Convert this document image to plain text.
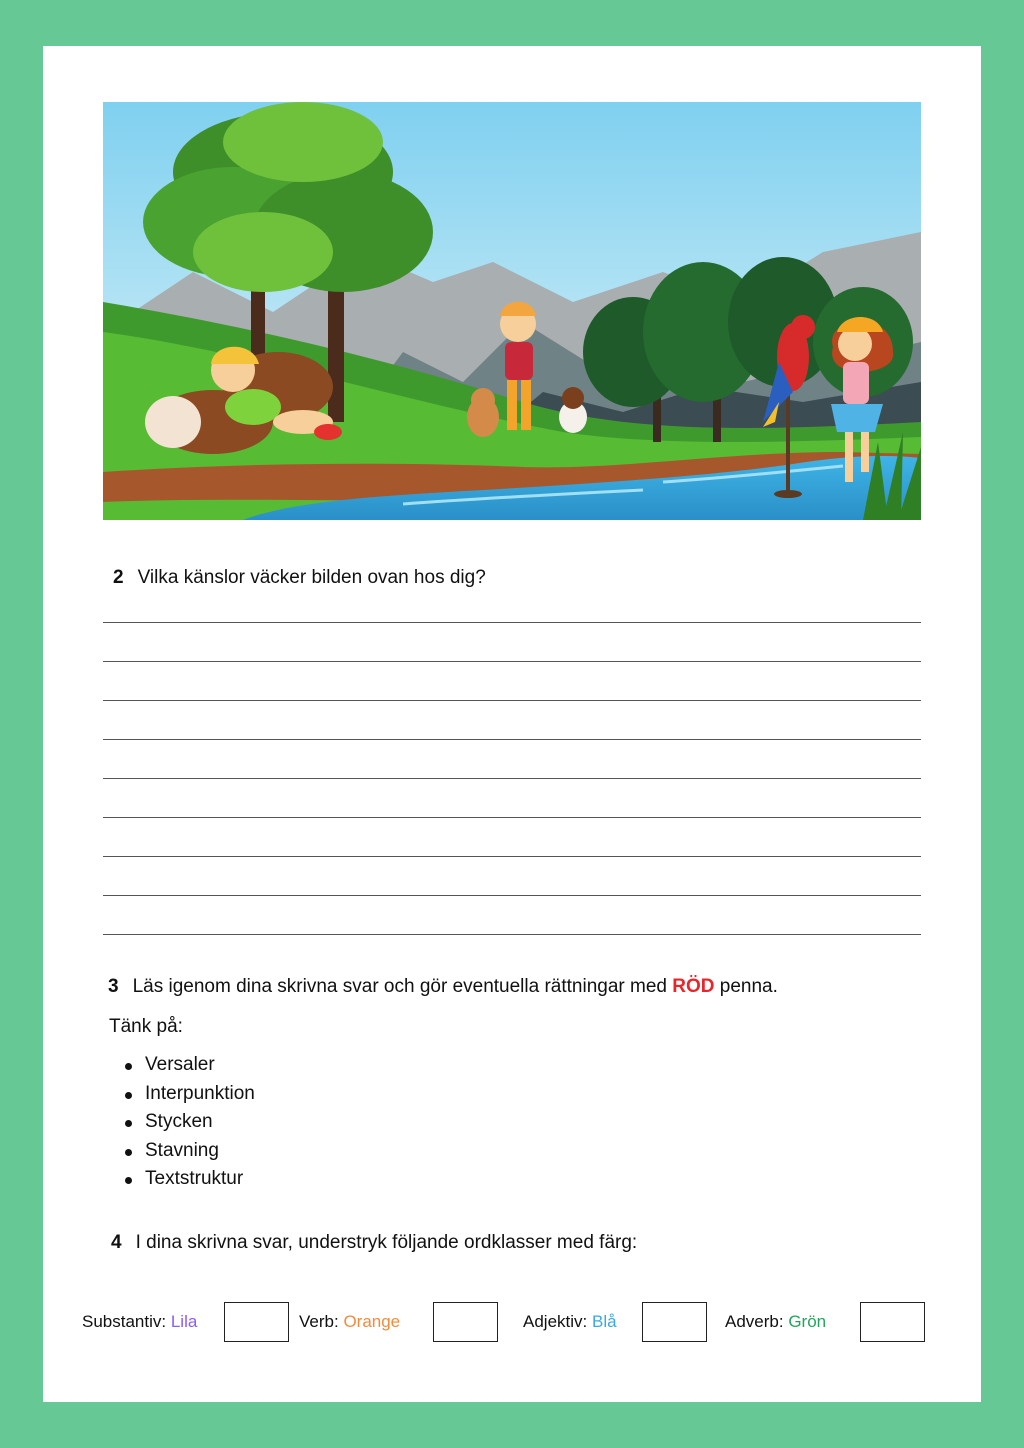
2 Vilka känslor väcker bilden ovan hos dig?
3 Läs igenom dina skrivna svar och gör eventuella rättningar med RÖD penna.
Tänk på:
Versaler
Interpunktion
Stycken
Stavning
Textstruktur
4 I dina skrivna svar, understryk följande ordklasser med färg:
Substantiv: Lila	Verb: Orange	Adjektiv: Blå	Adverb: Grön
